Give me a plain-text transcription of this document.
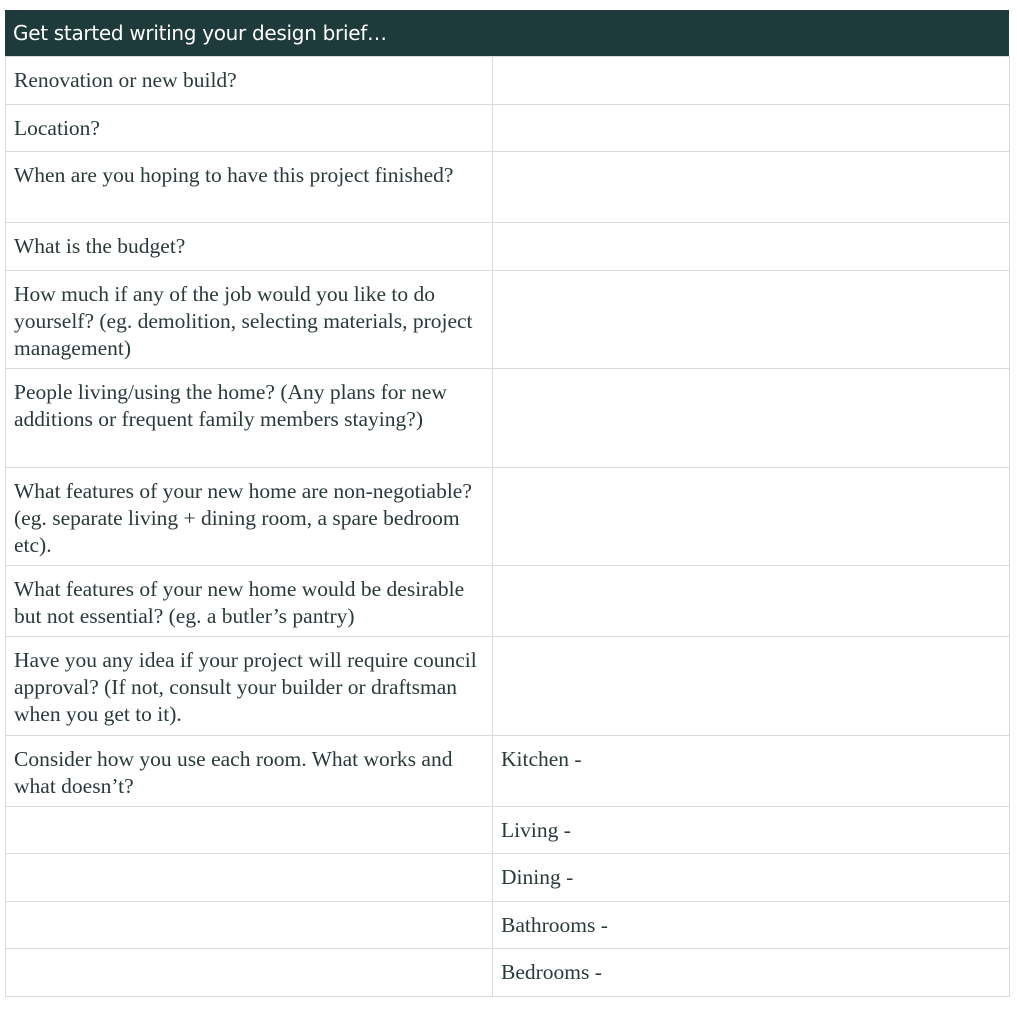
Get started writing your design brief…
Renovation or new build?	
Location?	
When are you hoping to have this project finished?	
What is the budget?	
How much if any of the job would you like to do yourself? (eg. demolition, selecting materials, project management)	
People living/using the home? (Any plans for new additions or frequent family members staying?)	
What features of your new home are non-negotiable? (eg. separate living + dining room, a spare bedroom etc).	
What features of your new home would be desirable but not essential? (eg. a butler’s pantry)	
Have you any idea if your project will require council approval? (If not, consult your builder or draftsman when you get to it).	
Consider how you use each room. What works and what doesn’t?	Kitchen -
	Living -
	Dining -
	Bathrooms -
	Bedrooms -
